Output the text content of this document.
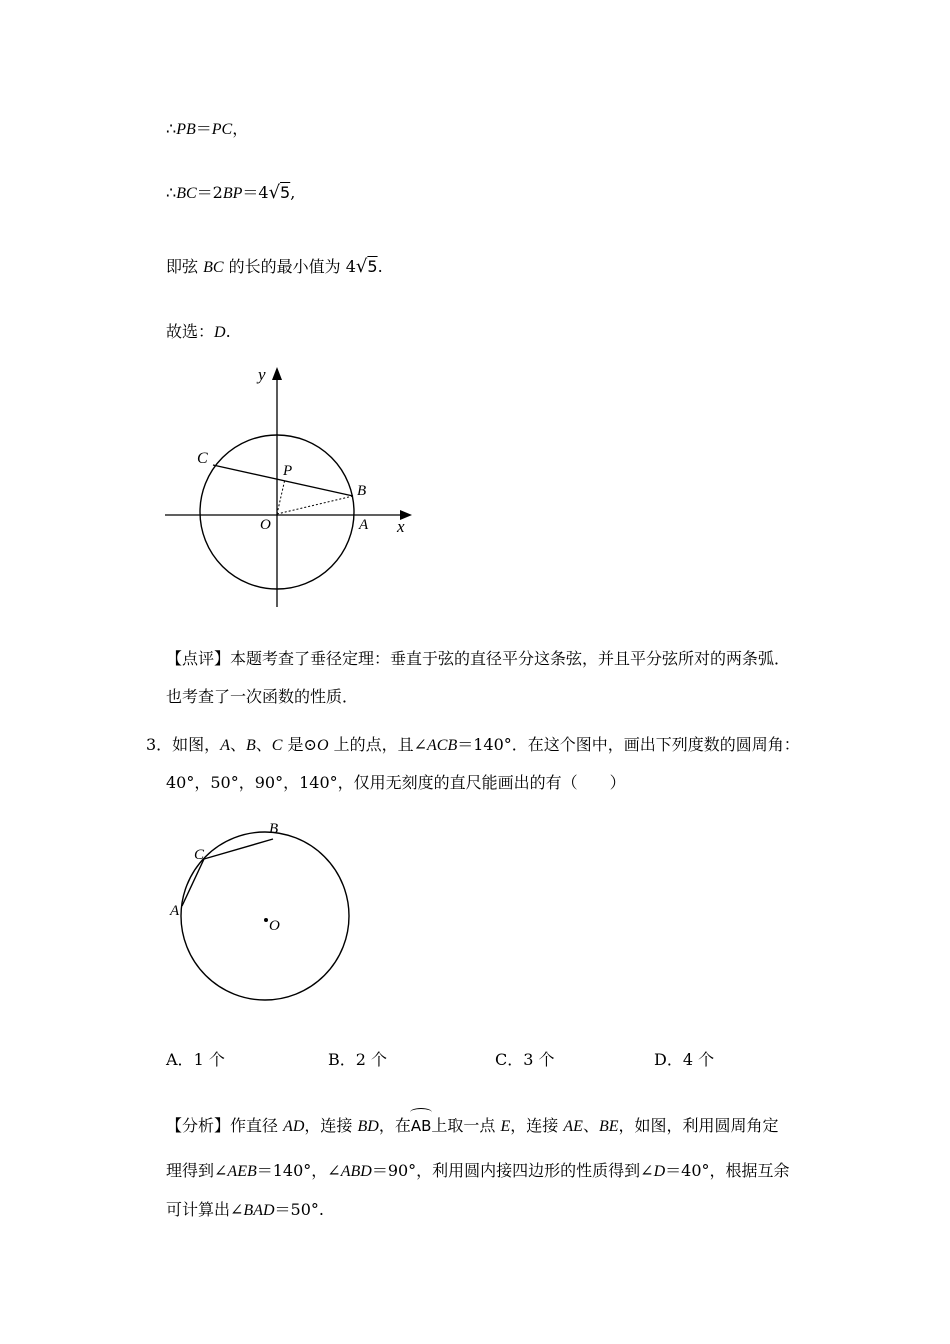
∴PB＝PC，
∴BC＝2BP＝4√5,
即弦 BC 的长的最小值为 4√5.
故选：D.
y
x
C
P
B
O	A
【点评】本题考查了垂径定理：垂直于弦的直径平分这条弦，并且平分弦所对的两条弧．
也考查了一次函数的性质．
3．如图，A、B、C 是⊙O 上的点，且∠ACB＝140°．在这个图中，画出下列度数的圆周角：
40°，50°，90°，140°，仅用无刻度的直尺能画出的有（　　）
B
C
A
O
A．1 个	B．2 个	C．3 个	D．4 个
【分析】作直径 AD，连接 BD，在AB上取一点 E，连接 AE、BE，如图，利用圆周角定
理得到∠AEB＝140°，∠ABD＝90°，利用圆内接四边形的性质得到∠D＝40°，根据互余
可计算出∠BAD＝50°.
